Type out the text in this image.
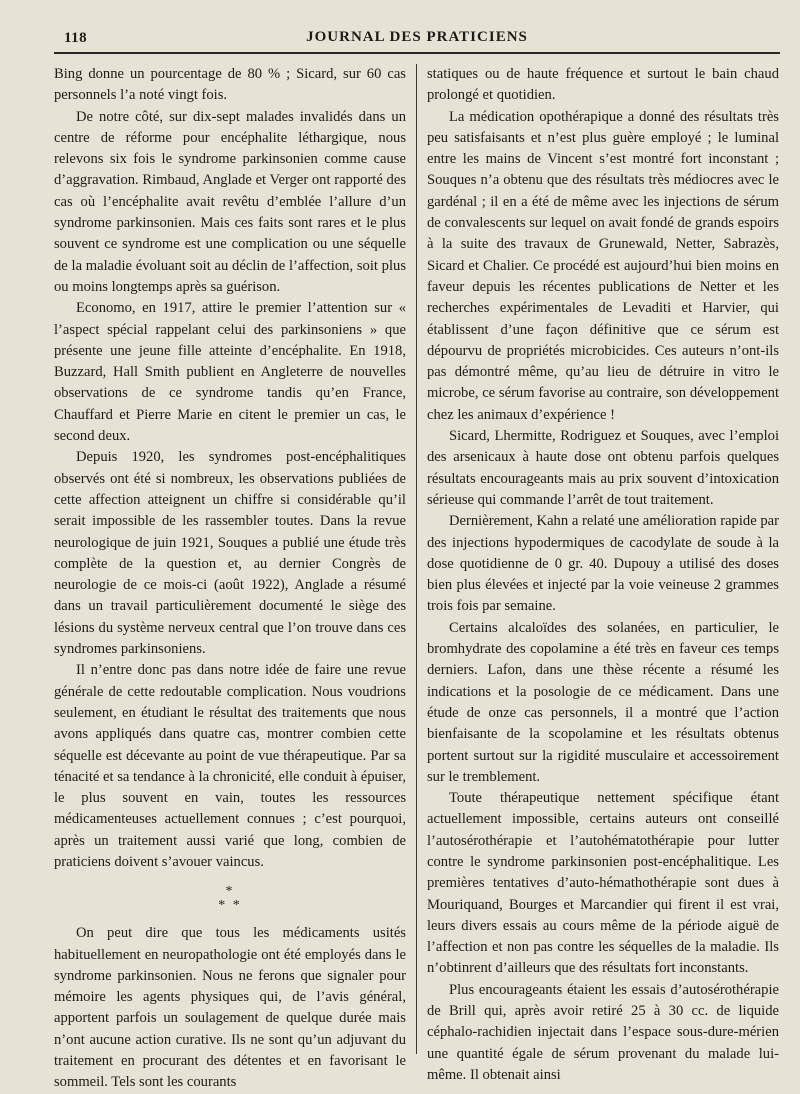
118	JOURNAL DES PRATICIENS

Bing donne un pourcentage de 80 % ; Sicard, sur 60 cas personnels l’a noté vingt fois.

De notre côté, sur dix-sept malades invalidés dans un centre de réforme pour encéphalite léthargique, nous relevons six fois le syndrome parkinsonien comme cause d’aggravation. Rimbaud, Anglade et Verger ont rapporté des cas où l’encéphalite avait revêtu d’emblée l’allure d’un syndrome parkinsonien. Mais ces faits sont rares et le plus souvent ce syndrome est une complication ou une séquelle de la maladie évoluant soit au déclin de l’affection, soit plus ou moins longtemps après sa guérison.

Economo, en 1917, attire le premier l’attention sur « l’aspect spécial rappelant celui des parkinsoniens » que présente une jeune fille atteinte d’encéphalite. En 1918, Buzzard, Hall Smith publient en Angleterre de nouvelles observations de ce syndrome tandis qu’en France, Chauffard et Pierre Marie en citent le premier un cas, le second deux.

Depuis 1920, les syndromes post-encéphalitiques observés ont été si nombreux, les observations publiées de cette affection atteignent un chiffre si considérable qu’il serait impossible de les rassembler toutes. Dans la revue neurologique de juin 1921, Souques a publié une étude très complète de la question et, au dernier Congrès de neurologie de ce mois-ci (août 1922), Anglade a résumé dans un travail particulièrement documenté le siège des lésions du système nerveux central que l’on trouve dans ces syndromes parkinsoniens.

Il n’entre donc pas dans notre idée de faire une revue générale de cette redoutable complication. Nous voudrions seulement, en étudiant le résultat des traitements que nous avons appliqués dans quatre cas, montrer combien cette séquelle est décevante au point de vue thérapeutique. Par sa ténacité et sa tendance à la chronicité, elle conduit à épuiser, le plus souvent en vain, toutes les ressources médicamenteuses actuellement connues ; c’est pourquoi, après un traitement aussi varié que long, combien de praticiens doivent s’avouer vaincus.

*
* *

On peut dire que tous les médicaments usités habituellement en neuropathologie ont été employés dans le syndrome parkinsonien. Nous ne ferons que signaler pour mémoire les agents physiques qui, de l’avis général, apportent parfois un soulagement de quelque durée mais n’ont aucune action curative. Ils ne sont qu’un adjuvant du traitement en procurant des détentes et en favorisant le sommeil. Tels sont les courants

statiques ou de haute fréquence et surtout le bain chaud prolongé et quotidien.

La médication opothérapique a donné des résultats très peu satisfaisants et n’est plus guère employé ; le luminal entre les mains de Vincent s’est montré fort inconstant ; Souques n’a obtenu que des résultats très médiocres avec le gardénal ; il en a été de même avec les injections de sérum de convalescents sur lequel on avait fondé de grands espoirs à la suite des travaux de Grunewald, Netter, Sabrazès, Sicard et Chalier. Ce procédé est aujourd’hui bien moins en faveur depuis les récentes publications de Netter et les recherches expérimentales de Levaditi et Harvier, qui établissent d’une façon définitive que ce sérum est dépourvu de propriétés microbicides. Ces auteurs n’ont-ils pas démontré même, qu’au lieu de détruire in vitro le microbe, ce sérum favorise au contraire, son développement chez les animaux d’expérience !

Sicard, Lhermitte, Rodriguez et Souques, avec l’emploi des arsenicaux à haute dose ont obtenu parfois quelques résultats encourageants mais au prix souvent d’intoxication sérieuse qui commande l’arrêt de tout traitement.

Dernièrement, Kahn a relaté une amélioration rapide par des injections hypodermiques de cacodylate de soude à la dose quotidienne de 0 gr. 40. Dupouy a utilisé des doses bien plus élevées et injecté par la voie veineuse 2 grammes trois fois par semaine.

Certains alcaloïdes des solanées, en particulier, le bromhydrate des copolamine a été très en faveur ces temps derniers. Lafon, dans une thèse récente a résumé les indications et la posologie de ce médicament. Dans une étude de onze cas personnels, il a montré que l’action bienfaisante de la scopolamine et les résultats obtenus portent surtout sur la rigidité musculaire et accessoirement sur le tremblement.

Toute thérapeutique nettement spécifique étant actuellement impossible, certains auteurs ont conseillé l’autosérothérapie et l’autohématothérapie pour lutter contre le syndrome parkinsonien post-encéphalitique. Les premières tentatives d’auto-hémathothérapie sont dues à Mouriquand, Bourges et Marcandier qui firent il est vrai, leurs divers essais au cours même de la période aiguë de l’affection et non pas contre les séquelles de la maladie. Ils n’obtinrent d’ailleurs que des résultats fort inconstants.

Plus encourageants étaient les essais d’autosérothérapie de Brill qui, après avoir retiré 25 à 30 cc. de liquide céphalo-rachidien injectait dans l’espace sous-dure-mérien une quantité égale de sérum provenant du malade lui-même. Il obtenait ainsi
